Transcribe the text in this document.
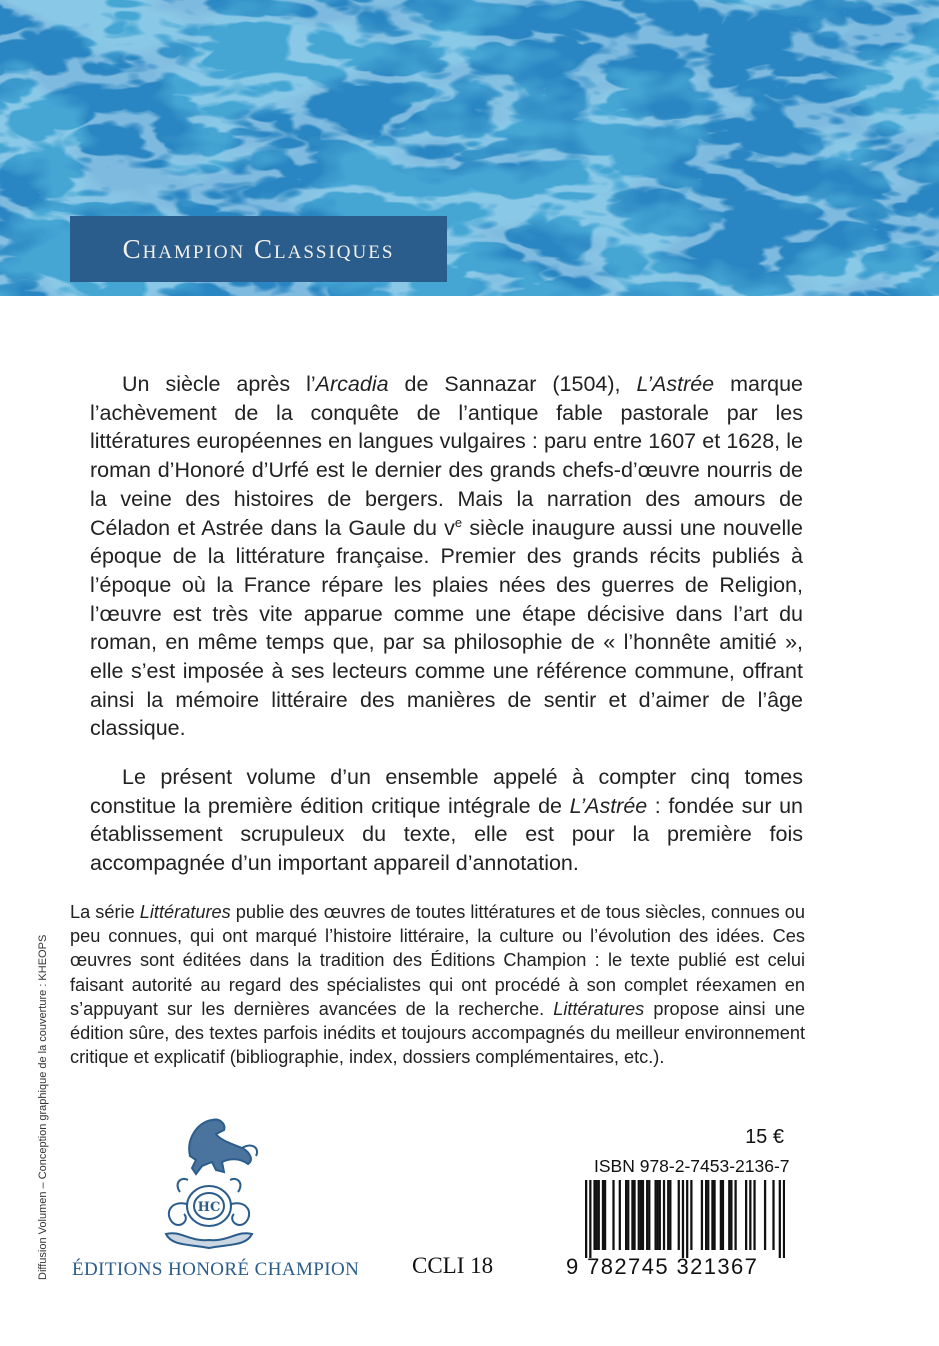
Champion Classiques

Un siècle après l’Arcadia de Sannazar (1504), L’Astrée marque l’achèvement de la conquête de l’antique fable pastorale par les littératures européennes en langues vulgaires : paru entre 1607 et 1628, le roman d’Honoré d’Urfé est le dernier des grands chefs-d’œuvre nourris de la veine des histoires de bergers. Mais la narration des amours de Céladon et Astrée dans la Gaule du $v^e$ siècle inaugure aussi une nouvelle époque de la littérature française. Premier des grands récits publiés à l’époque où la France répare les plaies nées des guerres de Religion, l’œuvre est très vite apparue comme une étape décisive dans l’art du roman, en même temps que, par sa philosophie de « l’honnête amitié », elle s’est imposée à ses lecteurs comme une référence commune, offrant ainsi la mémoire littéraire des manières de sentir et d’aimer de l’âge classique.

Le présent volume d’un ensemble appelé à compter cinq tomes constitue la première édition critique intégrale de L’Astrée : fondée sur un établissement scrupuleux du texte, elle est pour la première fois accompagnée d’un important appareil d’annotation.

La série Littératures publie des œuvres de toutes littératures et de tous siècles, connues ou peu connues, qui ont marqué l’histoire littéraire, la culture ou l’évolution des idées. Ces œuvres sont éditées dans la tradition des Éditions Champion : le texte publié est celui faisant autorité au regard des spécialistes qui ont procédé à son complet réexamen en s’appuyant sur les dernières avancées de la recherche. Littératures propose ainsi une édition sûre, des textes parfois inédits et toujours accompagnés du meilleur environnement critique et explicatif (bibliographie, index, dossiers complémentaires, etc.).

Diffusion Volumen – Conception graphique de la couverture : KHEOPS	HC
ÉDITIONS HONORÉ CHAMPION CCLI 18
15 €
ISBN 978-2-7453-2136-7
9 782745 321367
